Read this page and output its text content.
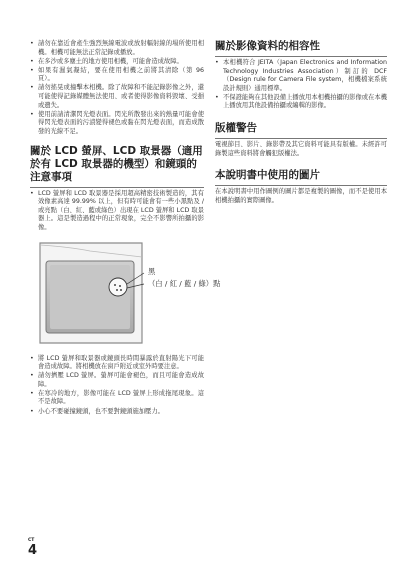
• 請勿在靠近會產生強烈無線電波或放射輻射線的場所使用相機。相機可能無法正常記錄或播放。
• 在多沙或多塵土的地方使用相機，可能會造成故障。
• 如果有濕氣凝結，要在使用相機之前將其清除（第 96 頁）。
• 請勿搖晃或撞擊本相機。除了故障和不能記錄影像之外，還可能使得記錄媒體無法使用、或者使得影像資料毀壞、受損或遺失。
• 使用前請清潔閃光燈表面。閃光所散發出來的熱量可能會使得閃光燈表面的污漬變得褪色或黏在閃光燈表面，而造成散發的光線不足。
關於 LCD 螢屏、LCD 取景器（適用於有 LCD 取景器的機型）和鏡頭的注意事項
• LCD 螢屏和 LCD 取景器是採用超高精密技術製造的，其有效像素高達 99.99% 以上，但有時可能會有一些小黑點及 / 或亮點（白、紅、藍或綠色）出現在 LCD 螢屏和 LCD 取景器上。這是製造過程中的正常現象，完全不影響所拍攝的影像。
黑
（白 / 紅 / 藍 / 綠）點
• 將 LCD 螢屏和取景器或鏡頭長時間暴露於直射陽光下可能會造成故障。將相機放在窗戶附近或室外時要注意。
• 請勿擠壓 LCD 螢屏。螢屏可能會褪色，而且可能會造成故障。
• 在寒冷的地方，影像可能在 LCD 螢屏上形成拖尾現象。這不是故障。
• 小心不要碰撞鏡頭，也不要對鏡頭施加壓力。
關於影像資料的相容性
• 本相機符合 JEITA（Japan Electronics and Information Technology Industries Association）制訂的 DCF（Design rule for Camera File system，相機檔案系統設計規則）通用標準。
• 不保證能夠在其他設備上播放用本相機拍攝的影像或在本機上播放用其他設備拍攝或編輯的影像。
版權警告

電視節目、影片、錄影帶及其它資料可能具有版權。未經許可錄製這些資料將會觸犯版權法。

本說明書中使用的圖片

在本說明書中用作圖例的圖片都是複製的圖像，而不是使用本相機拍攝的實際圖像。

CT
4
